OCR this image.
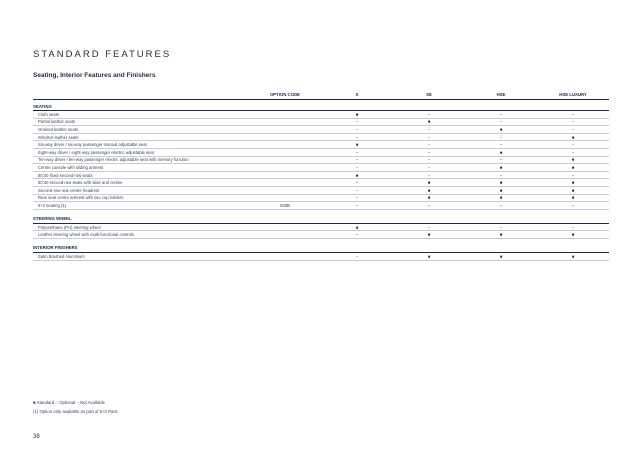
STANDARD FEATURES
Seating, Interior Features and Finishers
	OPTION CODE	S	SE	HSE	HSE LUXURY
SEATING					
Cloth seats		■	–	–	–
Partial leather seats		–	■	–	–
Grained leather seats		–	–	■	–
Windsor leather seats		–	–	–	■
Six-way driver / six-way passenger manual adjustable seat		■	–	–	–
Eight-way driver / eight-way passenger electric adjustable seat		–	–	■	–
Ten-way driver / ten-way passenger electric adjustable seat with memory function		–	–	–	■
Centre console with sliding armrest		–	–	■	■
60:40 fixed second-row seats		■	–	–	–
60:40 second-row seats with slide and recline		–	■	■	■
Second-row rear centre headrest		–	■	■	■
Rear seat centre armrest with two cup holders		–	■	■	■
5+2 seating (1)	033B	–	○	○	○

STEERING WHEEL					
Polyurethane (PU) steering wheel		■	–	–	–
Leather steering wheel with multi-functional controls		–	■	■	■

INTERIOR FINISHERS					
Satin Brushed Aluminium		–	■	■	■
■ Standard ○ Optional – Not Available
(1) Option only available as part of 5+2 Pack.
38
